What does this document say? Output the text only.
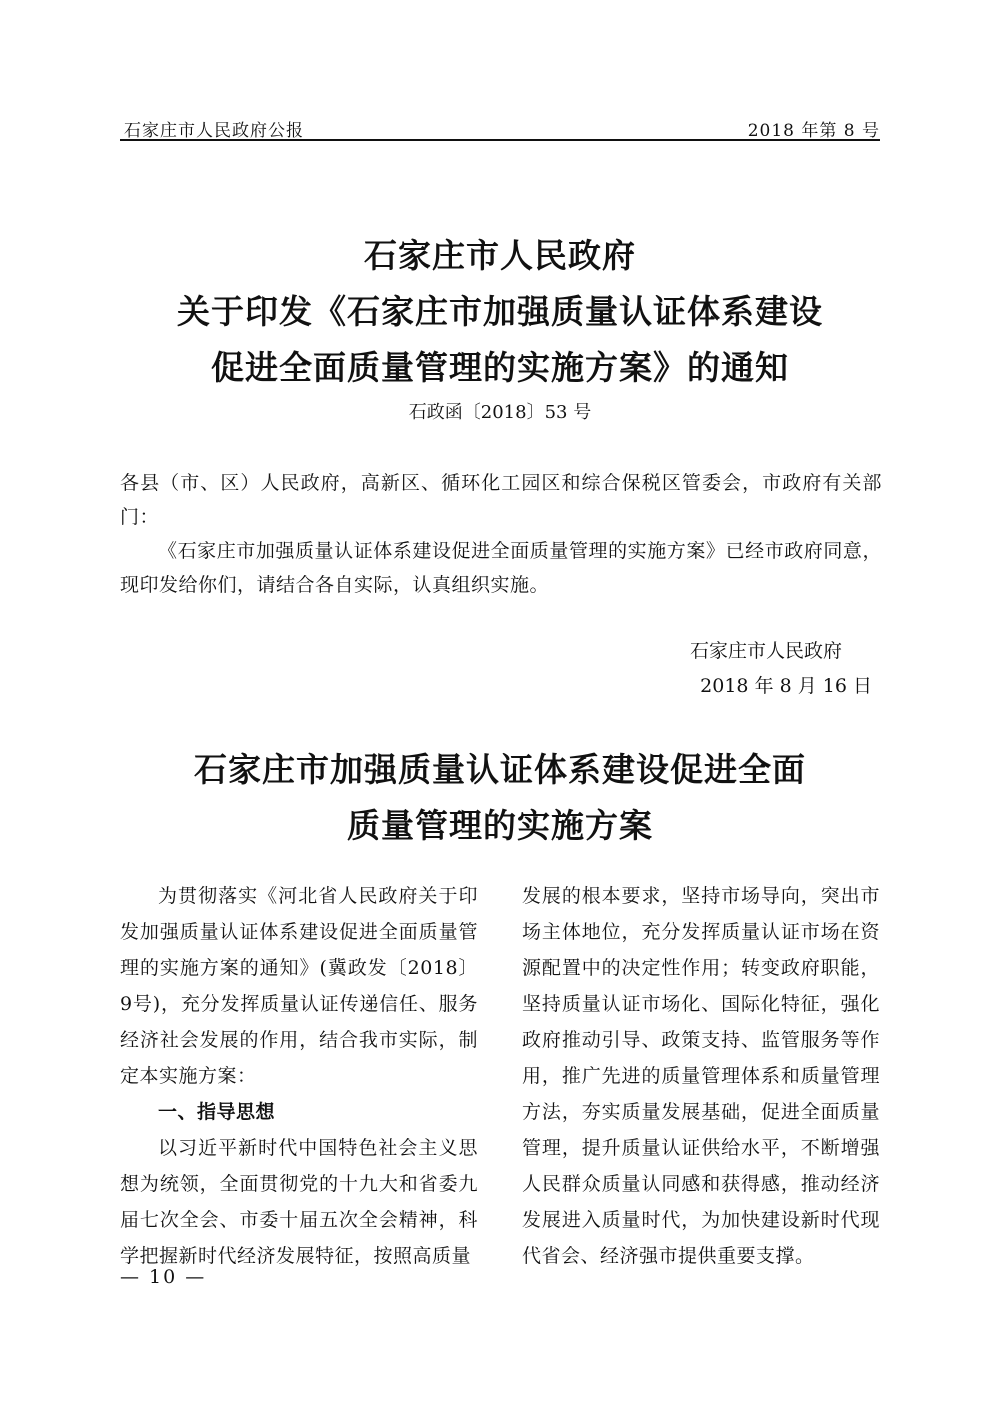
石家庄市人民政府公报	2018 年第 8 号
石家庄市人民政府
关于印发《石家庄市加强质量认证体系建设
促进全面质量管理的实施方案》的通知
石政函〔2018〕53 号
各县（市、区）人民政府，高新区、循环化工园区和综合保税区管委会，市政府有关部门：
《石家庄市加强质量认证体系建设促进全面质量管理的实施方案》已经市政府同意，现印发给你们，请结合各自实际，认真组织实施。
石家庄市人民政府
2018 年 8 月 16 日
石家庄市加强质量认证体系建设促进全面
质量管理的实施方案

为贯彻落实《河北省人民政府关于印发加强质量认证体系建设促进全面质量管理的实施方案的通知》(冀政发〔2018〕9号)，充分发挥质量认证传递信任、服务经济社会发展的作用，结合我市实际，制定本实施方案：

一、指导思想

以习近平新时代中国特色社会主义思想为统领，全面贯彻党的十九大和省委九届七次全会、市委十届五次全会精神，科学把握新时代经济发展特征，按照高质量

发展的根本要求，坚持市场导向，突出市场主体地位，充分发挥质量认证市场在资源配置中的决定性作用；转变政府职能，坚持质量认证市场化、国际化特征，强化政府推动引导、政策支持、监管服务等作用，推广先进的质量管理体系和质量管理方法，夯实质量发展基础，促进全面质量管理，提升质量认证供给水平，不断增强人民群众质量认同感和获得感，推动经济发展进入质量时代，为加快建设新时代现代省会、经济强市提供重要支撑。

— 10 —
